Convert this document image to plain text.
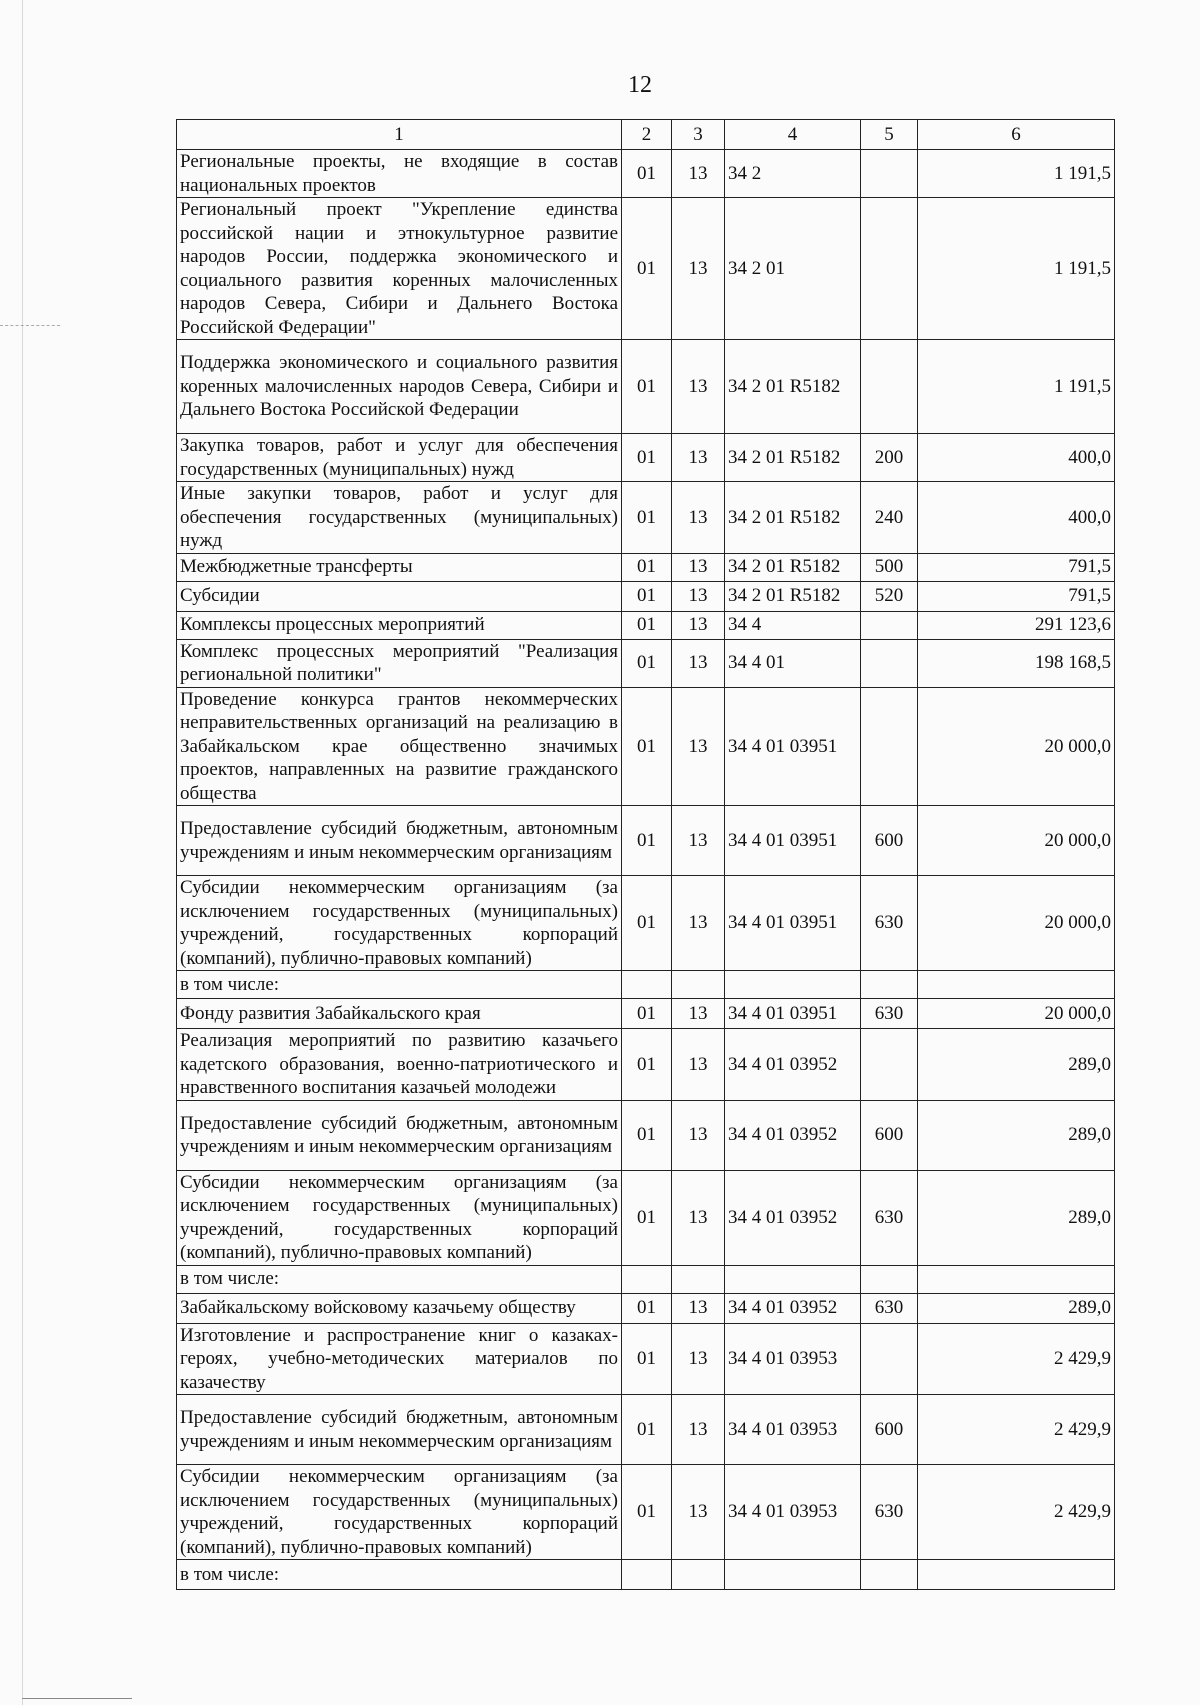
12
1	2	3	4	5	6
Региональные проекты, не входящие в состав национальных проектов	01	13	34 2		1 191,5
Региональный проект "Укрепление единства российской нации и этнокультурное развитие народов России, поддержка экономического и социального развития коренных малочисленных народов Севера, Сибири и Дальнего Востока Российской Федерации"	01	13	34 2 01		1 191,5
Поддержка экономического и социального развития коренных малочисленных народов Севера, Сибири и Дальнего Востока Российской Федерации	01	13	34 2 01 R5182		1 191,5
Закупка товаров, работ и услуг для обеспечения государственных (муниципальных) нужд	01	13	34 2 01 R5182	200	400,0
Иные закупки товаров, работ и услуг для обеспечения государственных (муниципальных) нужд	01	13	34 2 01 R5182	240	400,0
Межбюджетные трансферты	01	13	34 2 01 R5182	500	791,5
Субсидии	01	13	34 2 01 R5182	520	791,5
Комплексы процессных мероприятий	01	13	34 4		291 123,6
Комплекс процессных мероприятий "Реализация региональной политики"	01	13	34 4 01		198 168,5
Проведение конкурса грантов некоммерческих неправительственных организаций на реализацию в Забайкальском крае общественно значимых проектов, направленных на развитие гражданского общества	01	13	34 4 01 03951		20 000,0
Предоставление субсидий бюджетным, автономным учреждениям и иным некоммерческим организациям	01	13	34 4 01 03951	600	20 000,0
Субсидии некоммерческим организациям (за исключением государственных (муниципальных) учреждений, государственных корпораций (компаний), публично-правовых компаний)	01	13	34 4 01 03951	630	20 000,0
в том числе:					
Фонду развития Забайкальского края	01	13	34 4 01 03951	630	20 000,0
Реализация мероприятий по развитию казачьего кадетского образования, военно-патриотического и нравственного воспитания казачьей молодежи	01	13	34 4 01 03952		289,0
Предоставление субсидий бюджетным, автономным учреждениям и иным некоммерческим организациям	01	13	34 4 01 03952	600	289,0
Субсидии некоммерческим организациям (за исключением государственных (муниципальных) учреждений, государственных корпораций (компаний), публично-правовых компаний)	01	13	34 4 01 03952	630	289,0
в том числе:					
Забайкальскому войсковому казачьему обществу	01	13	34 4 01 03952	630	289,0
Изготовление и распространение книг о казаках-героях, учебно-методических материалов по казачеству	01	13	34 4 01 03953		2 429,9
Предоставление субсидий бюджетным, автономным учреждениям и иным некоммерческим организациям	01	13	34 4 01 03953	600	2 429,9
Субсидии некоммерческим организациям (за исключением государственных (муниципальных) учреждений, государственных корпораций (компаний), публично-правовых компаний)	01	13	34 4 01 03953	630	2 429,9
в том числе:					
